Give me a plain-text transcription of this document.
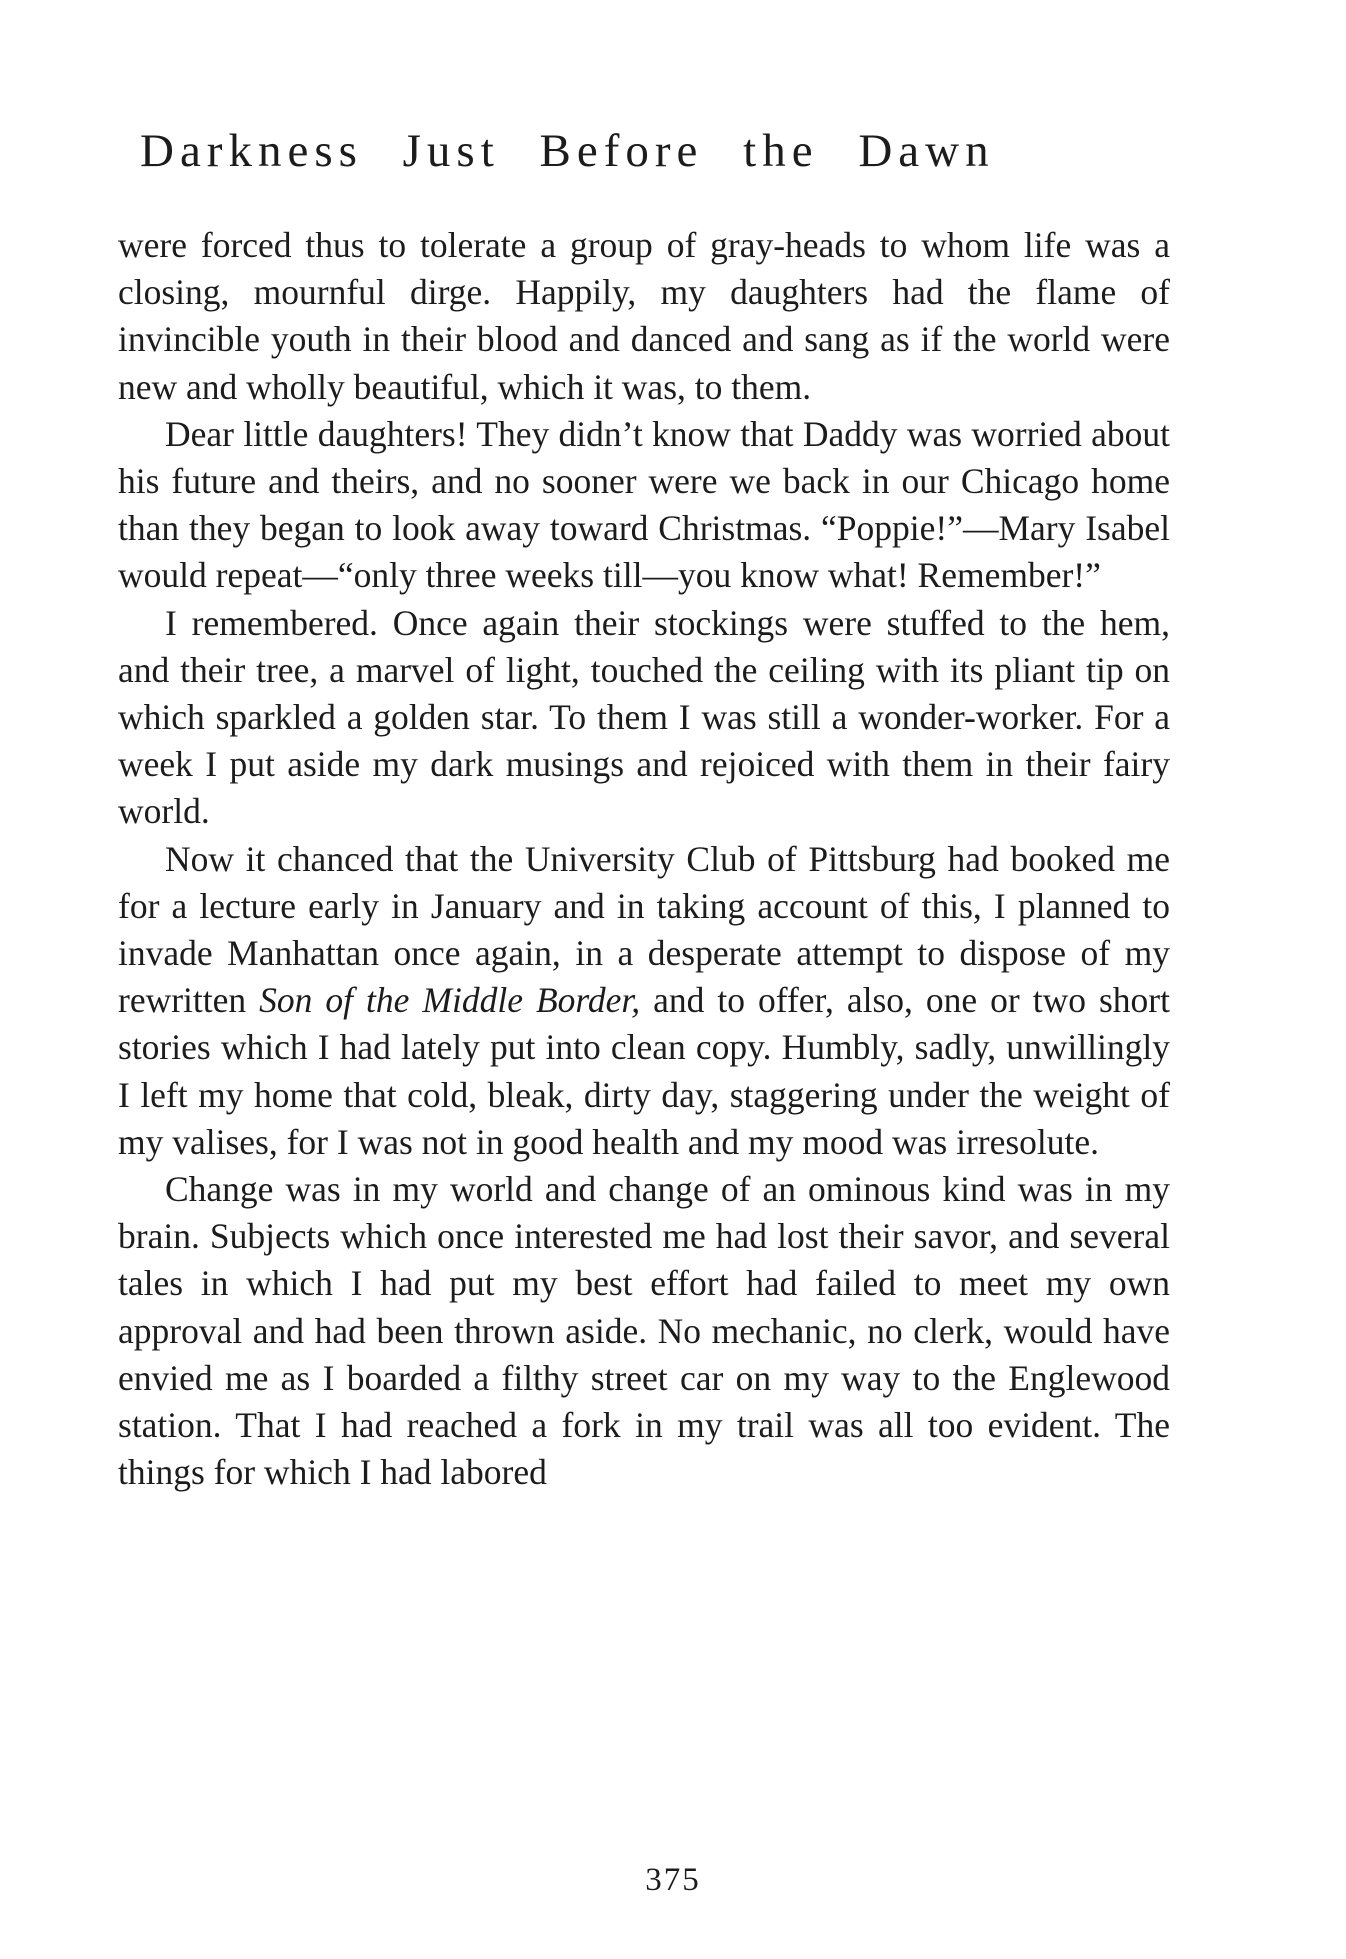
Darkness Just Before the Dawn

were forced thus to tolerate a group of gray-heads to whom life was a closing, mournful dirge. Happily, my daughters had the flame of invincible youth in their blood and danced and sang as if the world were new and wholly beautiful, which it was, to them.

Dear little daughters! They didn’t know that Daddy was worried about his future and theirs, and no sooner were we back in our Chicago home than they began to look away toward Christmas. “Poppie!”—Mary Isabel would repeat—“only three weeks till—you know what! Remember!”

I remembered. Once again their stockings were stuffed to the hem, and their tree, a marvel of light, touched the ceiling with its pliant tip on which sparkled a golden star. To them I was still a wonder-worker. For a week I put aside my dark musings and rejoiced with them in their fairy world.

Now it chanced that the University Club of Pittsburg had booked me for a lecture early in January and in taking account of this, I planned to invade Manhattan once again, in a desperate attempt to dispose of my rewritten Son of the Middle Border, and to offer, also, one or two short stories which I had lately put into clean copy. Humbly, sadly, unwillingly I left my home that cold, bleak, dirty day, staggering under the weight of my valises, for I was not in good health and my mood was irresolute.

Change was in my world and change of an ominous kind was in my brain. Subjects which once interested me had lost their savor, and several tales in which I had put my best effort had failed to meet my own approval and had been thrown aside. No mechanic, no clerk, would have envied me as I boarded a filthy street car on my way to the Englewood station. That I had reached a fork in my trail was all too evident. The things for which I had labored

375
